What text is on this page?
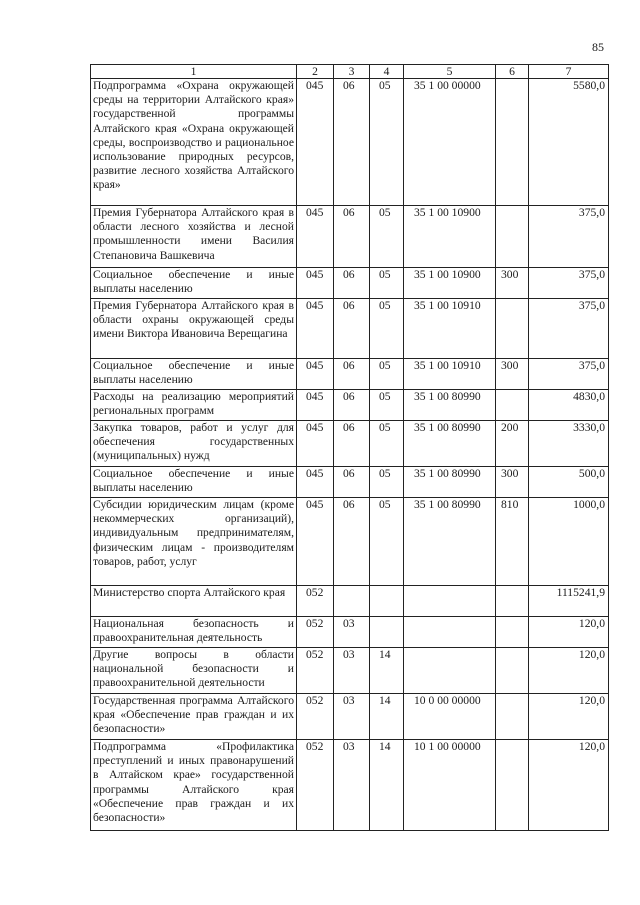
85
1	2	3	4	5	6	7
Подпрограмма «Охрана окружающей среды на территории Алтайского края» государственной программы Алтайского края «Охрана окружающей среды, воспроизводство и рациональное использование природных ресурсов, развитие лесного хозяйства Алтайского края»	045	06	05	35 1 00 00000		5580,0
Премия Губернатора Алтайского края в области лесного хозяйства и лесной промышленности имени Василия Степановича Вашкевича	045	06	05	35 1 00 10900		375,0
Социальное обеспечение и иные выплаты населению	045	06	05	35 1 00 10900	300	375,0
Премия Губернатора Алтайского края в области охраны окружающей среды имени Виктора Ивановича Верещагина	045	06	05	35 1 00 10910		375,0
Социальное обеспечение и иные выплаты населению	045	06	05	35 1 00 10910	300	375,0
Расходы на реализацию мероприятий региональных программ	045	06	05	35 1 00 80990		4830,0
Закупка товаров, работ и услуг для обеспечения государственных (муниципальных) нужд	045	06	05	35 1 00 80990	200	3330,0
Социальное обеспечение и иные выплаты населению	045	06	05	35 1 00 80990	300	500,0
Субсидии юридическим лицам (кроме некоммерческих организаций), индивидуальным предпринимателям, физическим лицам - производителям товаров, работ, услуг	045	06	05	35 1 00 80990	810	1000,0
Министерство спорта Алтайского края	052					1115241,9
Национальная безопасность и правоохранительная деятельность	052	03				120,0
Другие вопросы в области национальной безопасности и правоохранительной деятельности	052	03	14			120,0
Государственная программа Алтайского края «Обеспечение прав граждан и их безопасности»	052	03	14	10 0 00 00000		120,0
Подпрограмма «Профилактика преступлений и иных правонарушений в Алтайском крае» государственной программы Алтайского края «Обеспечение прав граждан и их безопасности»	052	03	14	10 1 00 00000		120,0
